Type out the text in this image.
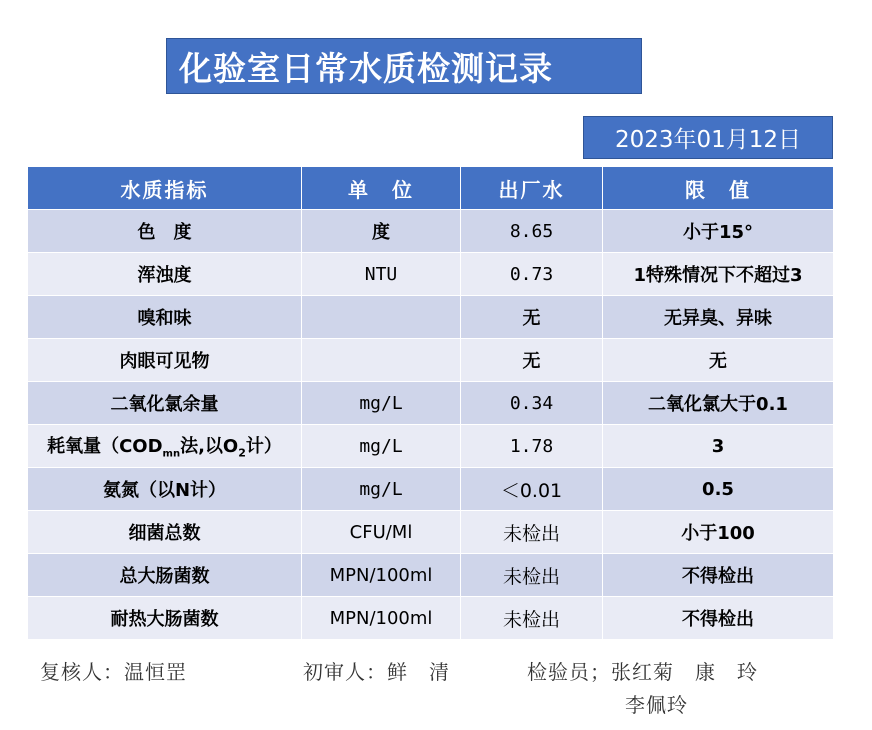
化验室日常水质检测记录
2023年01月12日
水质指标	单　位	出厂水	限　值
色　度	度	8.65	小于15°
浑浊度	NTU	0.73	1特殊情况下不超过3
嗅和味		无	无异臭、异味
肉眼可见物		无	无
二氧化氯余量	mg/L	0.34	二氧化氯大于0.1
耗氧量（$COD_{mn}$法,以$O_2$计）	mg/L	1.78	3
氨氮（以N计）	mg/L	＜0.01	0.5
细菌总数	CFU/Ml	未检出	小于100
总大肠菌数	MPN/100ml	未检出	不得检出
耐热大肠菌数	MPN/100ml	未检出	不得检出
复核人：温恒罡	初审人：鲜　清	检验员；张红菊　康　玲
李佩玲
